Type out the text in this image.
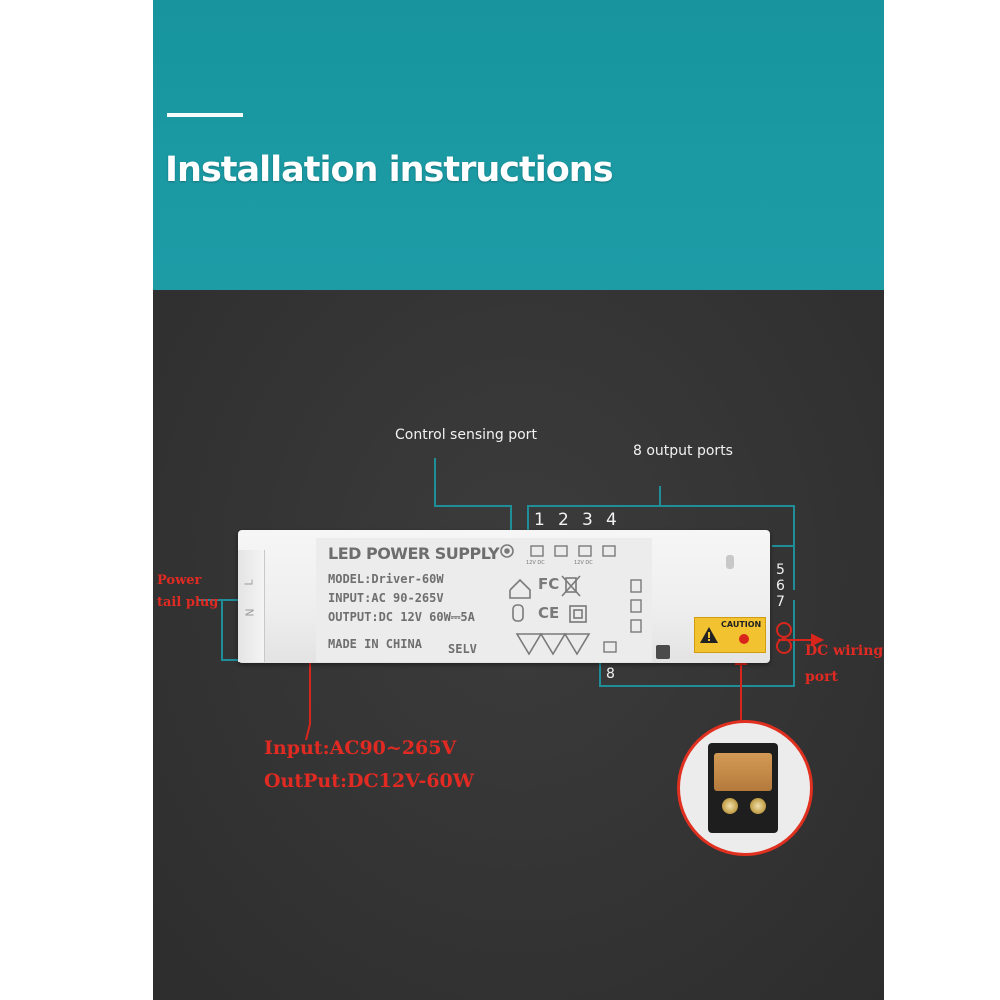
Installation instructions
Control sensing port
8 output ports
Power
tail plug
DC wiring
port
Input:AC90~265V
OutPut:DC12V-60W
1 2 3 4
5
6
7
8
L
N
LED POWER SUPPLY
MODEL:Driver-60W
INPUT:AC 90-265V
OUTPUT:DC 12V 60W⎓5A
MADE IN CHINA SELV
FC
CE
12V DC	12V DC
CAUTION
